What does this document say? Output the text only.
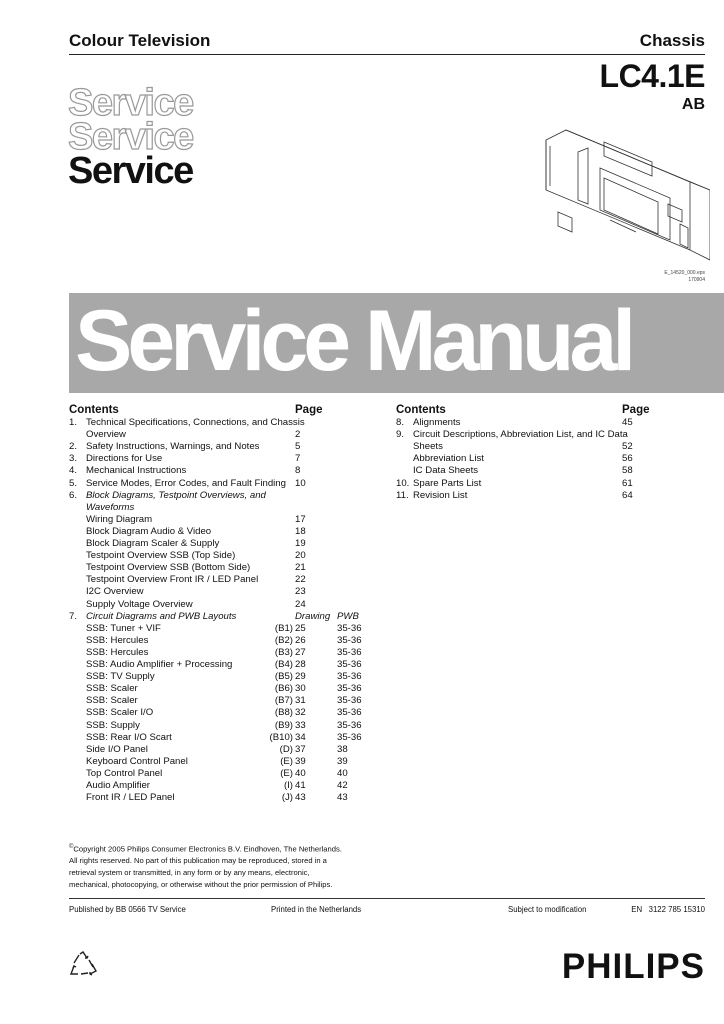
Colour Television	Chassis
LC4.1E
AB
Service
Service
Service
E_14520_000.eps
170904
Service Manual
Contents	Page
1. Technical Specifications, Connections, and Chassis
Overview	2
2. Safety Instructions, Warnings, and Notes	5
3. Directions for Use	7
4. Mechanical Instructions	8
5. Service Modes, Error Codes, and Fault Finding 10
6. Block Diagrams, Testpoint Overviews, and
Waveforms
Wiring Diagram	17
Block Diagram Audio & Video	18
Block Diagram Scaler & Supply	19
Testpoint Overview SSB (Top Side)	20
Testpoint Overview SSB (Bottom Side)	21
Testpoint Overview Front IR / LED Panel	22
I2C Overview	23
Supply Voltage Overview	24
7. Circuit Diagrams and PWB Layouts	Drawing PWB
SSB: Tuner + VIF	(B1) 25	35-36
SSB: Hercules	(B2) 26	35-36
SSB: Hercules	(B3) 27	35-36
SSB: Audio Amplifier + Processing	(B4) 28	35-36
SSB: TV Supply	(B5) 29	35-36
SSB: Scaler	(B6) 30	35-36
SSB: Scaler	(B7) 31	35-36
SSB: Scaler I/O	(B8) 32	35-36
SSB: Supply	(B9) 33	35-36
SSB: Rear I/O Scart	(B10) 34	35-36
Side I/O Panel	(D) 37	38
Keyboard Control Panel	(E) 39	39
Top Control Panel	(E) 40	40
Audio Amplifier	(I) 41	42
Front IR / LED Panel	(J) 43	43
Contents	Page
8. Alignments	45
9. Circuit Descriptions, Abbreviation List, and IC Data
Sheets	52
Abbreviation List	56
IC Data Sheets	58
10. Spare Parts List	61
11. Revision List	64
©Copyright 2005 Philips Consumer Electronics B.V. Eindhoven, The Netherlands.
All rights reserved. No part of this publication may be reproduced, stored in a
retrieval system or transmitted, in any form or by any means, electronic,
mechanical, photocopying, or otherwise without the prior permission of Philips.
Published by BB 0566 TV Service	Printed in the Netherlands	Subject to modification	EN   3122 785 15310
PHILIPS
